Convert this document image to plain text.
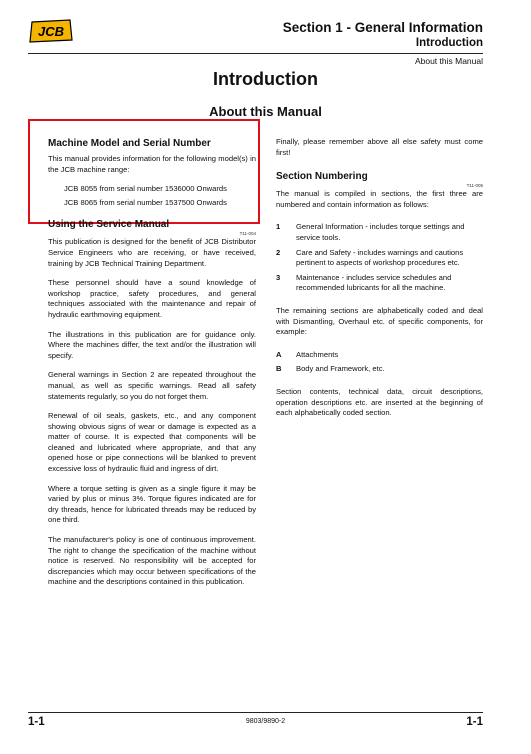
JCB	Section 1 - General Information
Introduction
About this Manual
Introduction
About this Manual
Machine Model and Serial Number

This manual provides information for the following model(s) in the JCB machine range:

JCB 8055 from serial number 1536000 Onwards
JCB 8065 from serial number 1537500 Onwards
Using the Service Manual
T11-004

This publication is designed for the benefit of JCB Distributor Service Engineers who are receiving, or have received, training by JCB Technical Training Department.

These personnel should have a sound knowledge of workshop practice, safety procedures, and general techniques associated with the maintenance and repair of hydraulic earthmoving equipment.

The illustrations in this publication are for guidance only. Where the machines differ, the text and/or the illustration will specify.

General warnings in Section 2 are repeated throughout the manual, as well as specific warnings. Read all safety statements regularly, so you do not forget them.

Renewal of oil seals, gaskets, etc., and any component showing obvious signs of wear or damage is expected as a matter of course. It is expected that components will be cleaned and lubricated where appropriate, and that any opened hose or pipe connections will be blanked to prevent excessive loss of hydraulic fluid and ingress of dirt.

Where a torque setting is given as a single figure it may be varied by plus or minus 3%. Torque figures indicated are for dry threads, hence for lubricated threads may be reduced by one third.

The manufacturer's policy is one of continuous improvement. The right to change the specification of the machine without notice is reserved. No responsibility will be accepted for discrepancies which may occur between specifications of the machine and the descriptions contained in this publication.

Finally, please remember above all else safety must come first!

Section Numbering
T11-005

The manual is compiled in sections, the first three are numbered and contain information as follows:

1	General Information - includes torque settings and service tools.
2	Care and Safety - includes warnings and cautions pertinent to aspects of workshop procedures etc.
3	Maintenance - includes service schedules and recommended lubricants for all the machine.

The remaining sections are alphabetically coded and deal with Dismantling, Overhaul etc. of specific components, for example:

A	Attachments
B	Body and Framework, etc.

Section contents, technical data, circuit descriptions, operation descriptions etc. are inserted at the beginning of each alphabetically coded section.

1-1	9803/9890-2	1-1
